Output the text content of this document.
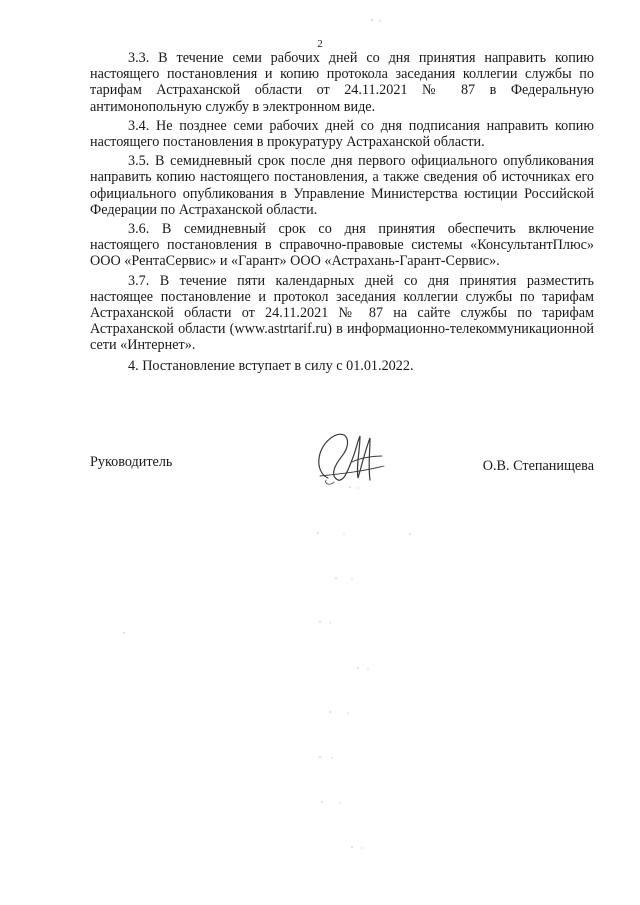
2

3.3. В течение семи рабочих дней со дня принятия направить копию настоящего постановления и копию протокола заседания коллегии службы по тарифам Астраханской области от 24.11.2021 № 87 в Федеральную антимонопольную службу в электронном виде.

3.4. Не позднее семи рабочих дней со дня подписания направить копию настоящего постановления в прокуратуру Астраханской области.

3.5. В семидневный срок после дня первого официального опубликования направить копию настоящего постановления, а также сведения об источниках его официального опубликования в Управление Министерства юстиции Российской Федерации по Астраханской области.

3.6. В семидневный срок со дня принятия обеспечить включение настоящего постановления в справочно-правовые системы «КонсультантПлюс» ООО «РентаСервис» и «Гарант» ООО «Астрахань-Гарант-Сервис».

3.7. В течение пяти календарных дней со дня принятия разместить настоящее постановление и протокол заседания коллегии службы по тарифам Астраханской области от 24.11.2021 № 87 на сайте службы по тарифам Астраханской области (www.astrtarif.ru) в информационно-телекоммуникационной сети «Интернет».

4. Постановление вступает в силу с 01.01.2022.

Руководитель	О.В. Степанищева
